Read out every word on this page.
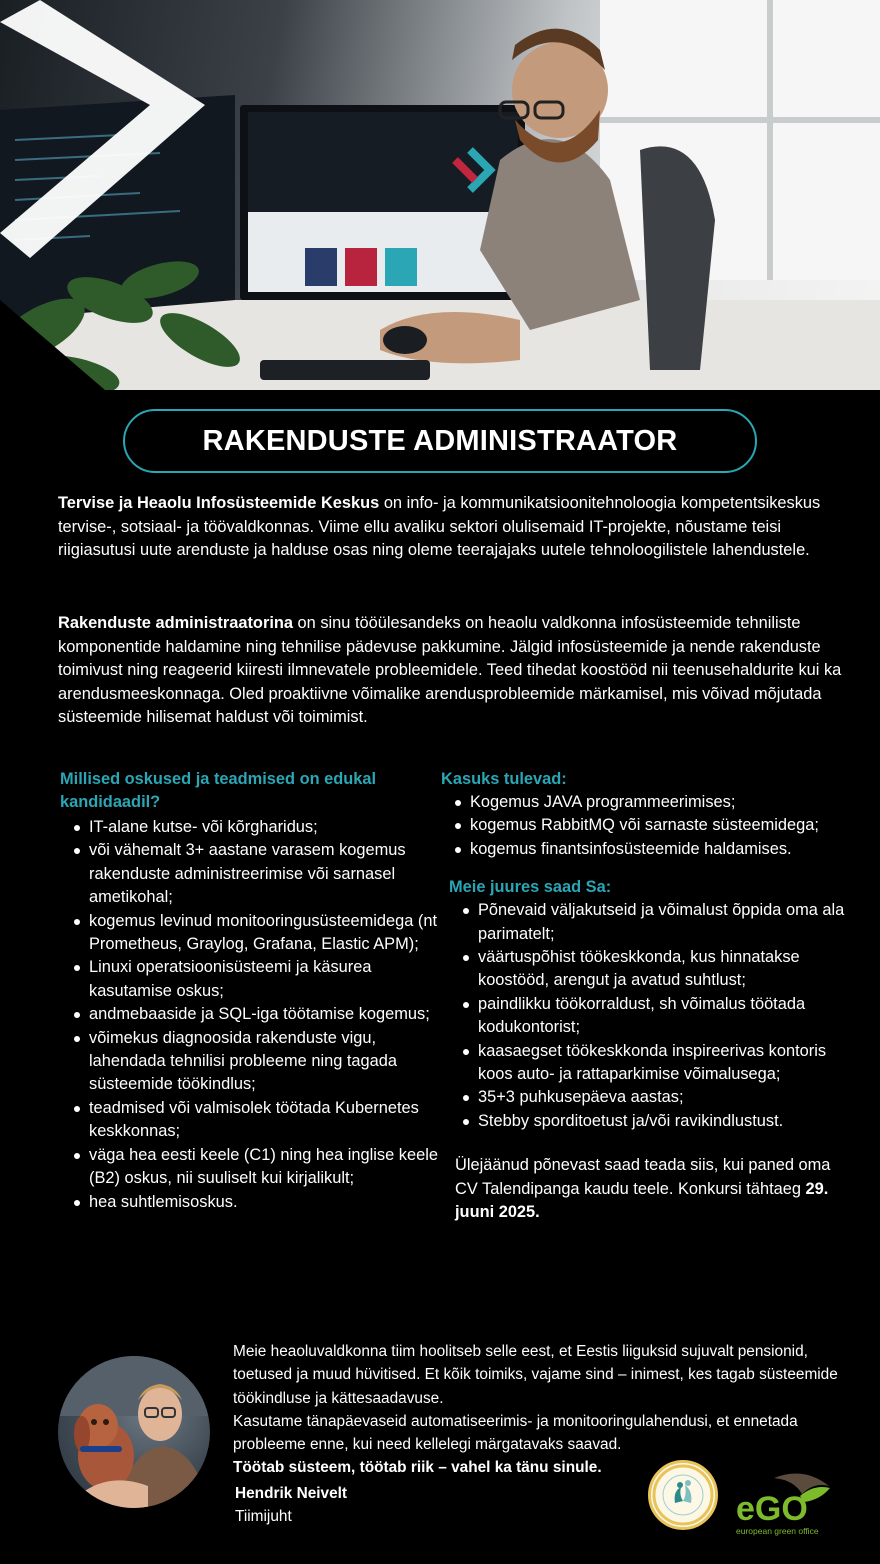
RAKENDUSTE ADMINISTRAATOR

Tervise ja Heaolu Infosüsteemide Keskus on info- ja kommunikatsioonitehnoloogia kompetentsikeskus tervise-, sotsiaal- ja töövaldkonnas. Viime ellu avaliku sektori olulisemaid IT-projekte, nõustame teisi riigiasutusi uute arenduste ja halduse osas ning oleme teerajajaks uutele tehnoloogilistele lahendustele.

Rakenduste administraatorina on sinu tööülesandeks on heaolu valdkonna infosüsteemide tehniliste komponentide haldamine ning tehnilise pädevuse pakkumine. Jälgid infosüsteemide ja nende rakenduste toimivust ning reageerid kiiresti ilmnevatele probleemidele. Teed tihedat koostööd nii teenusehaldurite kui ka arendusmeeskonnaga. Oled proaktiivne võimalike arendusprobleemide märkamisel, mis võivad mõjutada süsteemide hilisemat haldust või toimimist.

Millised oskused ja teadmised on edukal kandidaadil?
IT-alane kutse- või kõrgharidus;
või vähemalt 3+ aastane varasem kogemus rakenduste administreerimise või sarnasel ametikohal;
kogemus levinud monitooringusüsteemidega (nt Prometheus, Graylog, Grafana, Elastic APM);
Linuxi operatsioonisüsteemi ja käsurea kasutamise oskus;
andmebaaside ja SQL-iga töötamise kogemus;
võimekus diagnoosida rakenduste vigu, lahendada tehnilisi probleeme ning tagada süsteemide töökindlus;
teadmised või valmisolek töötada Kubernetes keskkonnas;
väga hea eesti keele (C1) ning hea inglise keele (B2) oskus, nii suuliselt kui kirjalikult;
hea suhtlemisoskus.
Kasuks tulevad:
Kogemus JAVA programmeerimises;
kogemus RabbitMQ või sarnaste süsteemidega;
kogemus finantsinfosüsteemide haldamises.
Meie juures saad Sa:
Põnevaid väljakutseid ja võimalust õppida oma ala parimatelt;
väärtuspõhist töökeskkonda, kus hinnatakse koostööd, arengut ja avatud suhtlust;
paindlikku töökorraldust, sh võimalus töötada kodukontorist;
kaasaegset töökeskkonda inspireerivas kontoris koos auto- ja rattaparkimise võimalusega;
35+3 puhkusepäeva aastas;
Stebby sporditoetust ja/või ravikindlustust.

Ülejäänud põnevast saad teada siis, kui paned oma CV Talendipanga kaudu teele. Konkursi tähtaeg 29. juuni 2025.

Meie heaoluvaldkonna tiim hoolitseb selle eest, et Eestis liiguksid sujuvalt pensionid, toetused ja muud hüvitised. Et kõik toimiks, vajame sind – inimest, kes tagab süsteemide töökindluse ja kättesaadavuse.

Kasutame tänapäevaseid automatiseerimis- ja monitooringulahendusi, et ennetada probleeme enne, kui need kellelegi märgatavaks saavad.

Töötab süsteem, töötab riik – vahel ka tänu sinule.

Hendrik Neivelt
Tiimijuht	eGO
european green office
